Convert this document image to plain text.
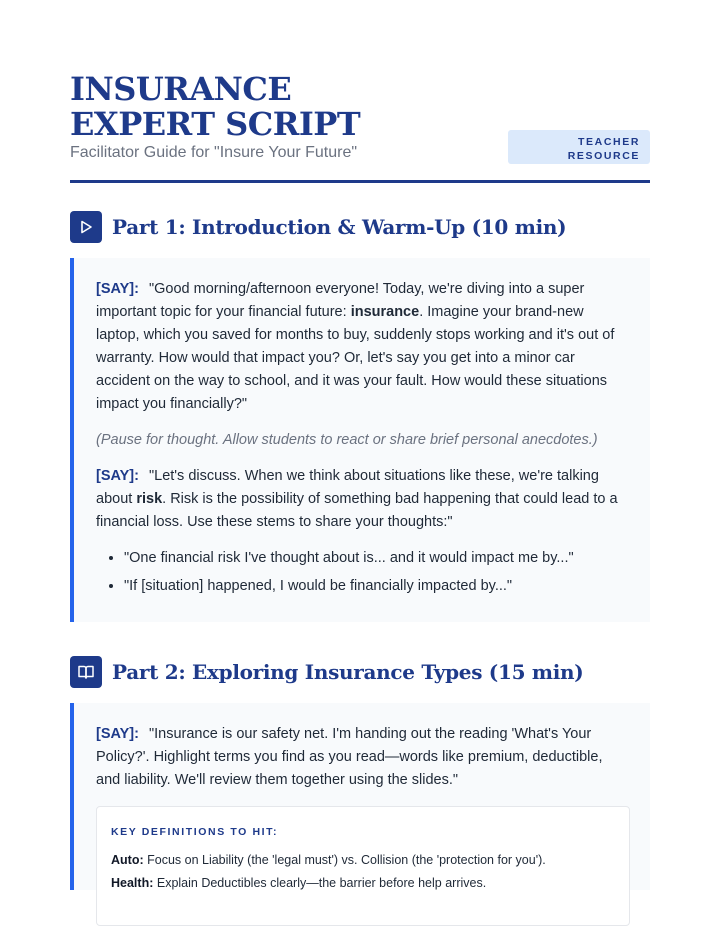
INSURANCE EXPERT SCRIPT
Facilitator Guide for "Insure Your Future"
TEACHER RESOURCE
Part 1: Introduction & Warm-Up (10 min)

[SAY]: "Good morning/afternoon everyone! Today, we're diving into a super important topic for your financial future: insurance. Imagine your brand-new laptop, which you saved for months to buy, suddenly stops working and it's out of warranty. How would that impact you? Or, let's say you get into a minor car accident on the way to school, and it was your fault. How would these situations impact you financially?"

(Pause for thought. Allow students to react or share brief personal anecdotes.)

[SAY]: "Let's discuss. When we think about situations like these, we're talking about risk. Risk is the possibility of something bad happening that could lead to a financial loss. Use these stems to share your thoughts:"

• "One financial risk I've thought about is... and it would impact me by..."
• "If [situation] happened, I would be financially impacted by..."
Part 2: Exploring Insurance Types (15 min)

[SAY]: "Insurance is our safety net. I'm handing out the reading 'What's Your Policy?'. Highlight terms you find as you read—words like premium, deductible, and liability. We'll review them together using the slides."

KEY DEFINITIONS TO HIT:
Auto: Focus on Liability (the 'legal must') vs. Collision (the 'protection for you').
Health: Explain Deductibles clearly—the barrier before help arrives.
